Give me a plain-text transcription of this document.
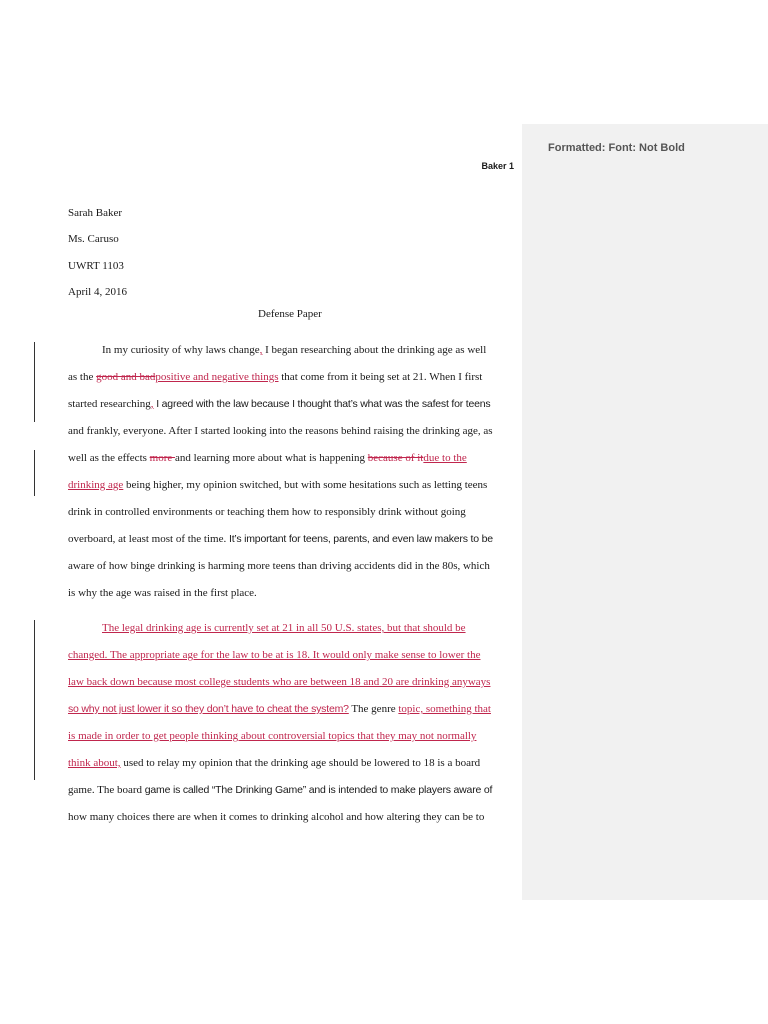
Baker 1
Sarah Baker
Ms. Caruso
UWRT 1103
April 4, 2016
Defense Paper
In my curiosity of why laws change, I began researching about the drinking age as well
as the good and badpositive and negative things that come from it being set at 21. When I first
started researching, I agreed with the law because I thought that’s what was the safest for teens
and frankly, everyone. After I started looking into the reasons behind raising the drinking age, as
well as the effects more and learning more about what is happening because of itdue to the
drinking age being higher, my opinion switched, but with some hesitations such as letting teens
drink in controlled environments or teaching them how to responsibly drink without going
overboard, at least most of the time. It’s important for teens, parents, and even law makers to be
aware of how binge drinking is harming more teens than driving accidents did in the 80s, which
is why the age was raised in the first place.
The legal drinking age is currently set at 21 in all 50 U.S. states, but that should be
changed. The appropriate age for the law to be at is 18. It would only make sense to lower the
law back down because most college students who are between 18 and 20 are drinking anyways
so why not just lower it so they don’t have to cheat the system? The genre topic, something that
is made in order to get people thinking about controversial topics that they may not normally
think about, used to relay my opinion that the drinking age should be lowered to 18 is a board
game. The board game is called “The Drinking Game” and is intended to make players aware of
how many choices there are when it comes to drinking alcohol and how altering they can be to
Formatted: Font: Not Bold
